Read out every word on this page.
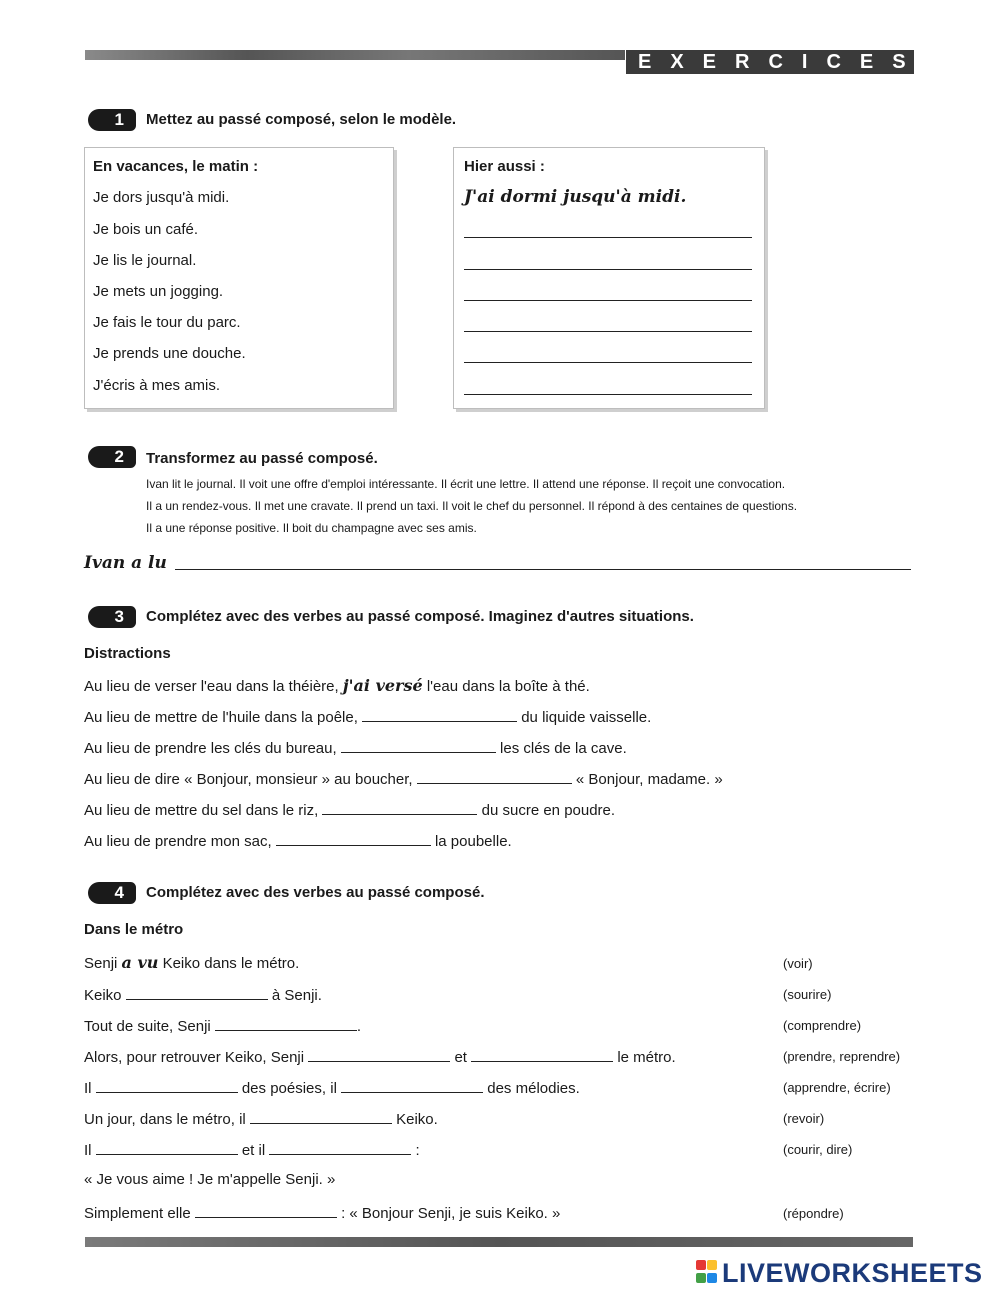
EXERCICES
1	Mettez au passé composé, selon le modèle.
En vacances, le matin :
Je dors jusqu'à midi.
Je bois un café.
Je lis le journal.
Je mets un jogging.
Je fais le tour du parc.
Je prends une douche.
J'écris à mes amis.
Hier aussi :
J'ai dormi jusqu'à midi.
2	Transformez au passé composé.
Ivan lit le journal. Il voit une offre d'emploi intéressante. Il écrit une lettre. Il attend une réponse. Il reçoit une convocation.
Il a un rendez-vous. Il met une cravate. Il prend un taxi. Il voit le chef du personnel. Il répond à des centaines de questions.
Il a une réponse positive. Il boit du champagne avec ses amis.
Ivan a lu
3	Complétez avec des verbes au passé composé. Imaginez d'autres situations.
Distractions
Au lieu de verser l'eau dans la théière, j'ai versé l'eau dans la boîte à thé.
Au lieu de mettre de l'huile dans la poêle,	du liquide vaisselle.
Au lieu de prendre les clés du bureau,	les clés de la cave.
Au lieu de dire « Bonjour, monsieur » au boucher,	« Bonjour, madame. »
Au lieu de mettre du sel dans le riz,	du sucre en poudre.
Au lieu de prendre mon sac,	la poubelle.
4	Complétez avec des verbes au passé composé.
Dans le métro
Senji a vu Keiko dans le métro.	(voir)
Keiko	à Senji.	(sourire)
Tout de suite, Senji	.	(comprendre)
Alors, pour retrouver Keiko, Senji	et	le métro.	(prendre, reprendre)
Il	des poésies, il	des mélodies.	(apprendre, écrire)
Un jour, dans le métro, il	Keiko.	(revoir)
Il	et il	:	(courir, dire)
« Je vous aime ! Je m'appelle Senji. »
Simplement elle	: « Bonjour Senji, je suis Keiko. »	(répondre)
LIVEWORKSHEETS
